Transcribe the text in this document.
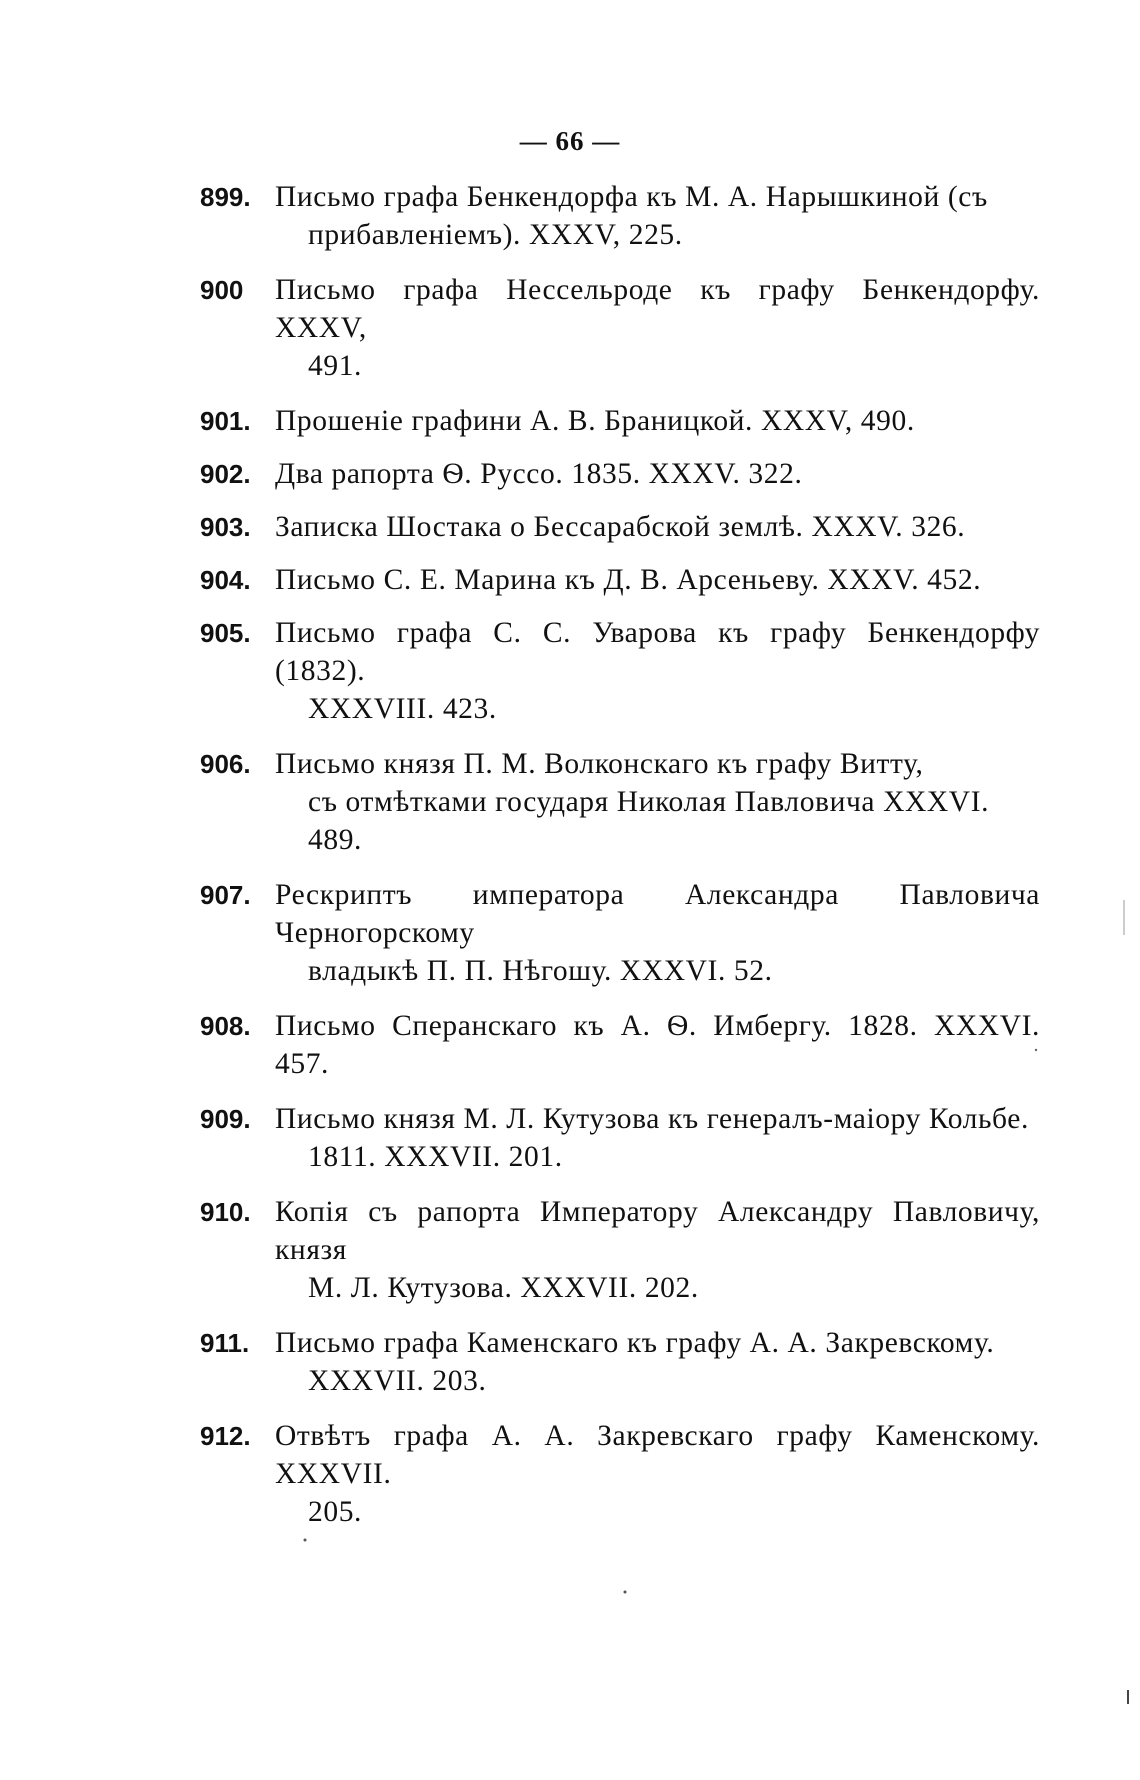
— 66 —
899. Письмо графа Бенкендорфа къ М. А. Нарышкиной (съ
прибавленіемъ). XXXV, 225.
900	Письмо графа Нессельроде къ графу Бенкендорфу. XXXV,
491.
901. Прошеніе графини А. В. Браницкой. XXXV, 490.
902. Два рапорта Ѳ. Руссо. 1835. XXXV. 322.
903. Записка Шостака о Бессарабской землѣ. XXXV. 326.
904. Письмо С. Е. Марина къ Д. В. Арсеньеву. XXXV. 452.
905. Письмо графа С. С. Уварова къ графу Бенкендорфу (1832).
XXXVIII. 423.
906. Письмо князя П. М. Волконскаго къ графу Витту,
съ отмѣтками государя Николая Павловича XXXVI. 489.
907. Рескриптъ императора Александра Павловича Черногорскому
владыкѣ П. П. Нѣгошу. XXXVI. 52.
908. Письмо Сперанскаго къ А. Ѳ. Имбергу. 1828. XXXVI. 457.
909. Письмо князя М. Л. Кутузова къ генералъ-маіору Кольбе.
1811. XXXVII. 201.
910. Копія съ рапорта Императору Александру Павловичу, князя
М. Л. Кутузова. XXXVII. 202.
911. Письмо графа Каменскаго къ графу А. А. Закревскому.
XXXVII. 203.
912. Отвѣтъ графа А. А. Закревскаго графу Каменскому. XXXVII.
205.
